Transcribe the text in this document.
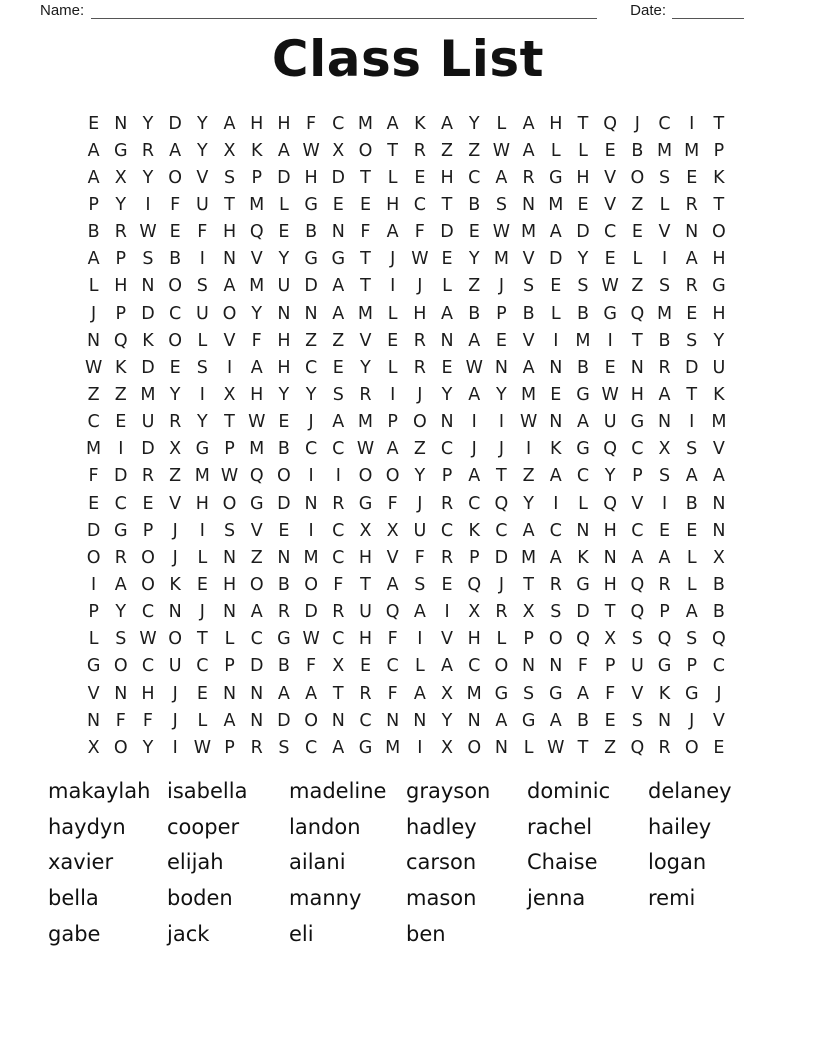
Name:	Date:
Class List
E N Y D Y A H H F C M A K A Y L A H T Q	J	C	I	T
A G R A Y X K A W X O T R Z Z W A L L E B M M P
A X Y O V S P D H D T L E H C A R G H V O S E K
P Y	I	F U T M L G E E H C T B S N M E V Z L R T
B R W E F H Q E B N F A F D E W M A D C E V N O
A P S B	I	N V Y G G T	J W E Y M V D Y E L	I	A H
L H N O S A M U D A T	I	J	L Z	J	S E S W Z S R G
J	P D C U O Y N N A M L H A B P B L B G Q M E H
N Q K O L V F H Z Z V E R N A E V	I M I	T B S Y
W K D E S	I	A H C E Y L R E W N A N B E N R D U
Z Z M Y	I	X H Y Y S R	I	J	Y A Y M E G W H A T K
C E U R Y T W E	J	A M P O N	I	I W N A U G N	I M
M I	D X G P M B C C W A Z C	J	J	I	K G Q C X S V
F D R Z M W Q O	I	I	O O Y P A T Z A C Y P S A A
E C E V H O G D N R G F	J	R C Q Y	I	L Q V	I	B N
D G P	J	I	S V E	I	C X X U C K C A C N H C E E N
O R O	J	L N Z N M C H V F R P D M A K N A A L X
I	A O K E H O B O F T A S E Q	J	T R G H Q R L B
P Y C N	J	N A R D R U Q A	I	X R X S D T Q P A B
L S W O T L C G W C H F	I	V H L P O Q X S Q S Q
G O C U C P D B F X E C L A C O N N F P U G P C
V N H	J	E N N A A T R F A X M G S G A F V K G	J
N F F	J	L A N D O N C N N Y N A G A B E S N	J	V
X O Y	I W P R S C A G M I	X O N L W T Z Q R O E
makaylah
haydyn
xavier
bella
gabe
isabella
cooper
elijah
boden
jack
madeline
landon
ailani
manny
eli
grayson
hadley
carson
mason
ben
dominic
rachel
Chaise
jenna
delaney
hailey
logan
remi
